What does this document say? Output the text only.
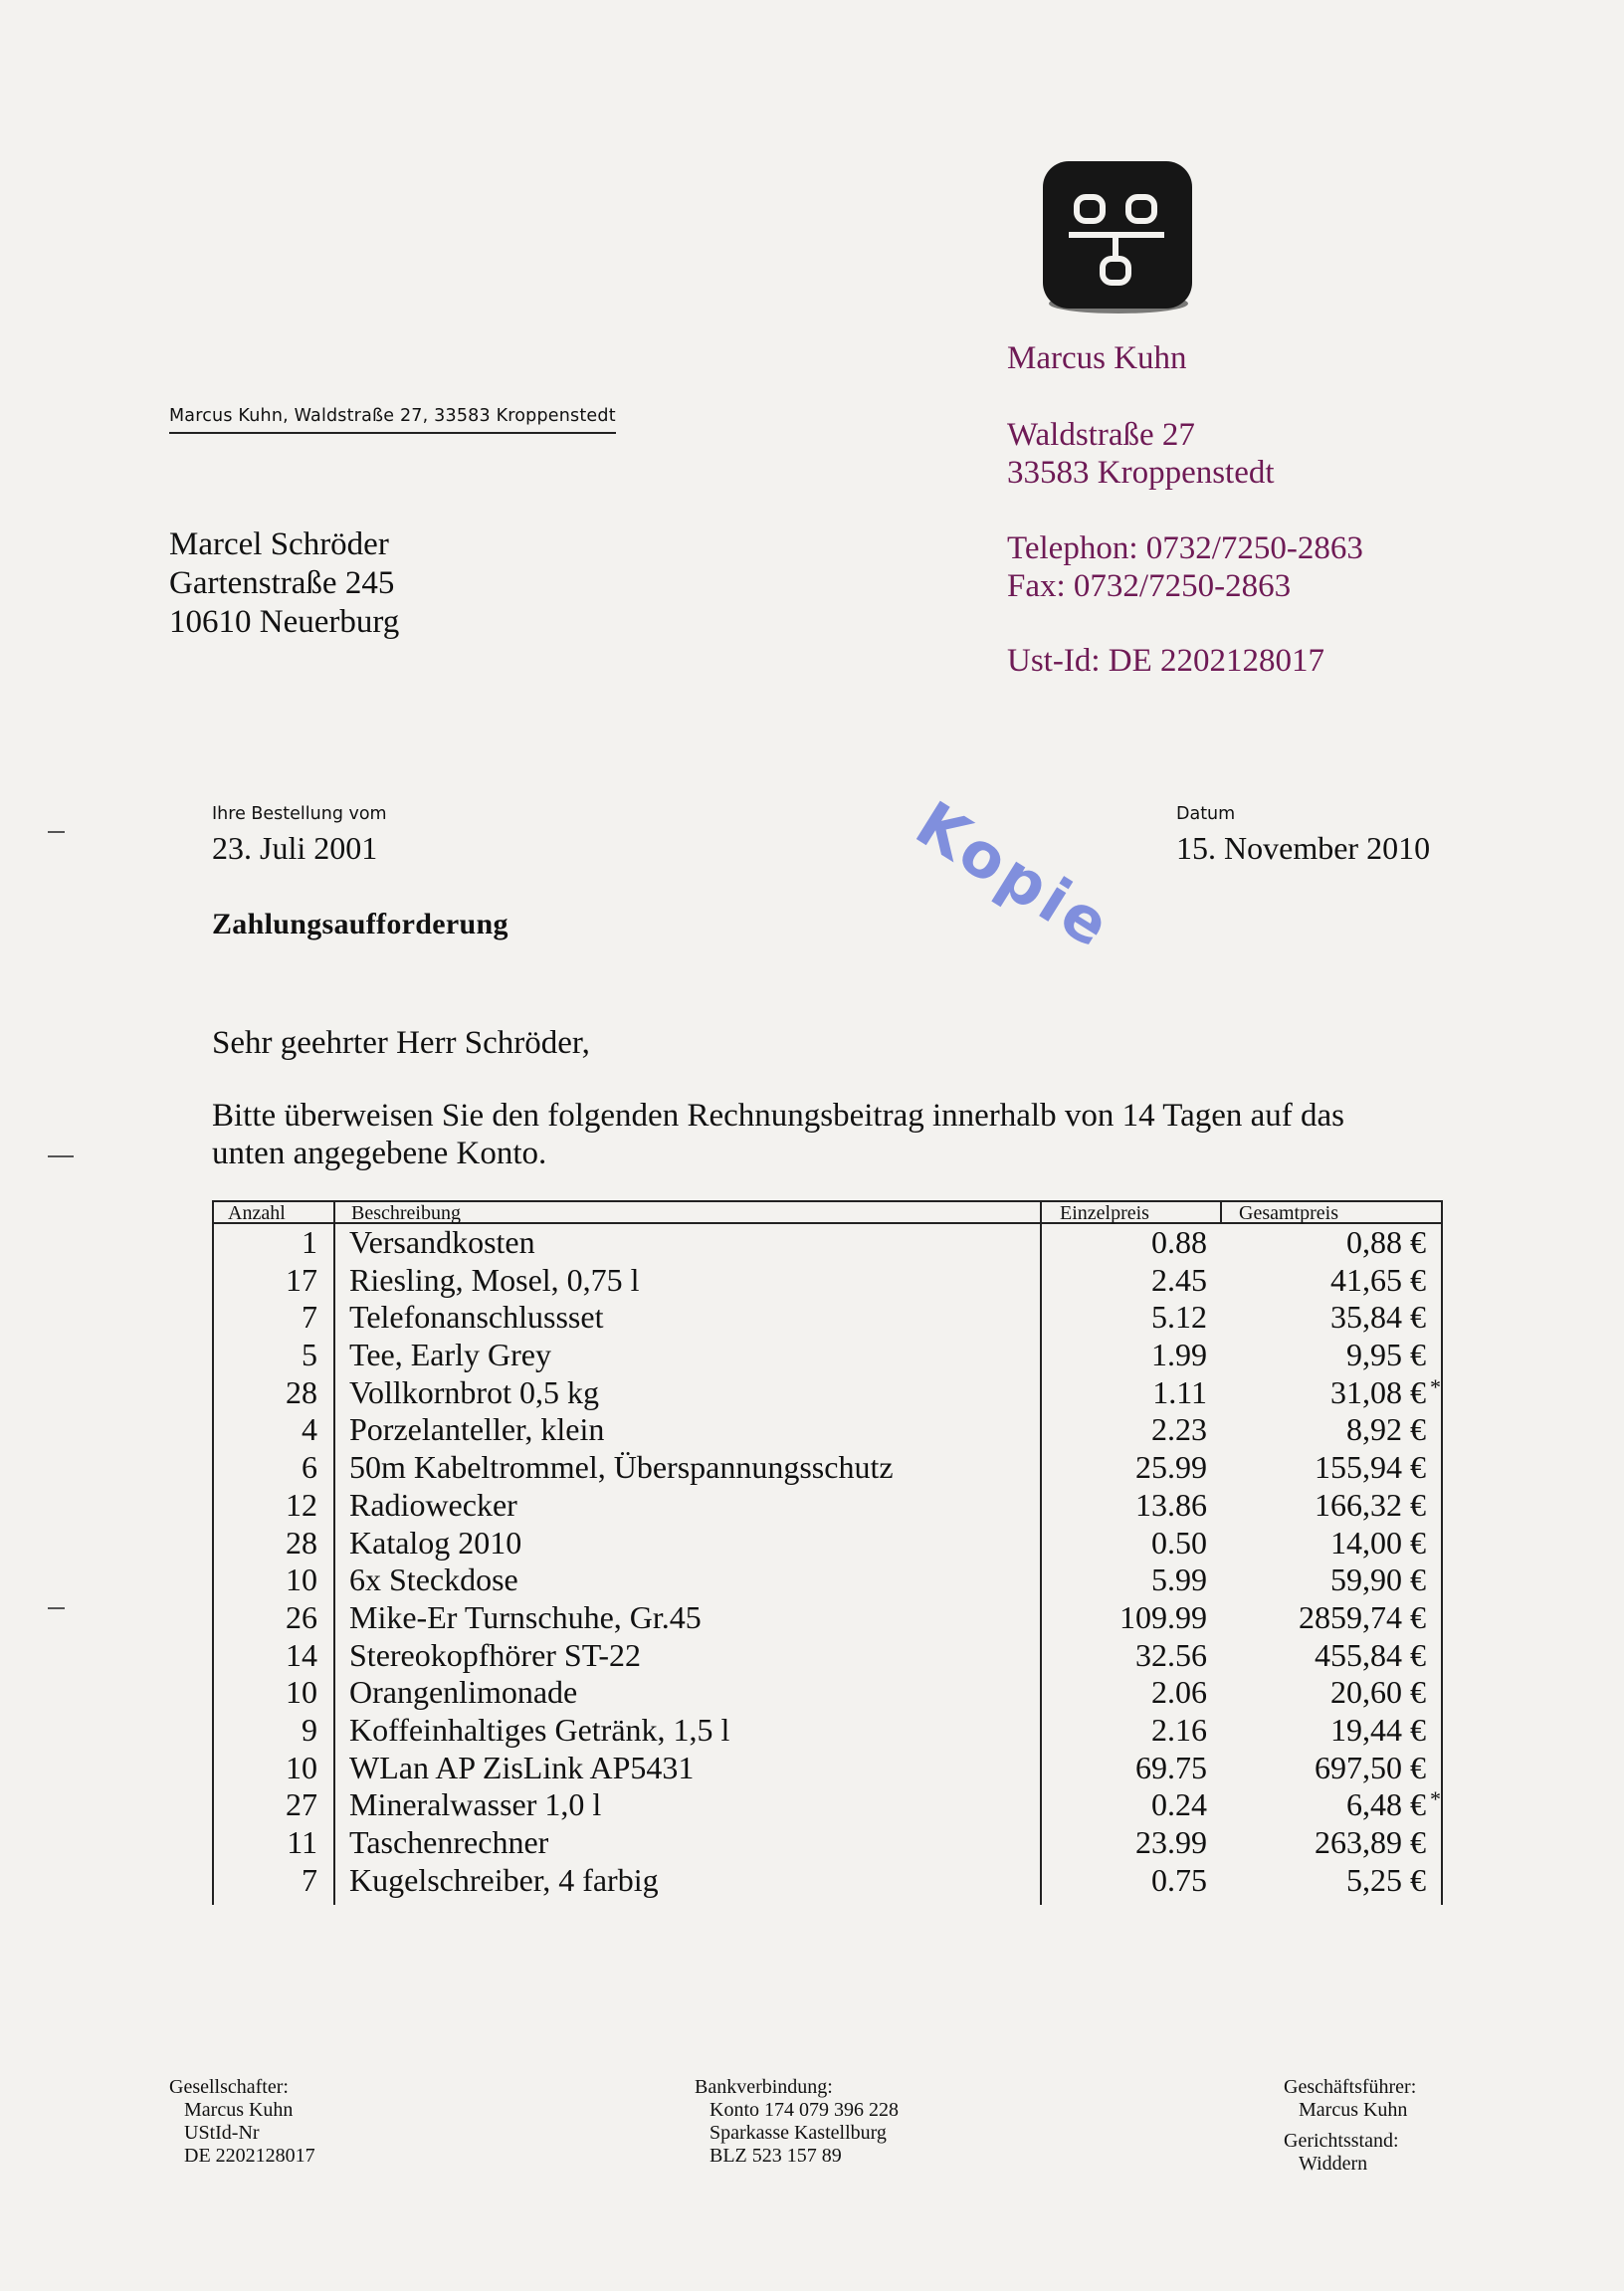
Marcus Kuhn
Waldstraße 27
33583 Kroppenstedt
Telephon: 0732/7250-2863
Fax: 0732/7250-2863
Ust-Id: DE 2202128017
Marcus Kuhn, Waldstraße 27, 33583 Kroppenstedt
Marcel Schröder
Gartenstraße 245
10610 Neuerburg
Ihre Bestellung vom
23. Juli 2001
Datum
15. November 2010
Kopie
Zahlungsaufforderung
Sehr geehrter Herr Schröder,
Bitte überweisen Sie den folgenden Rechnungsbeitrag innerhalb von 14 Tagen auf das
unten angegebene Konto.
Anzahl	Beschreibung	Einzelpreis	Gesamtpreis
1 Versandkosten	0.88	0,88 €
17 Riesling, Mosel, 0,75 l	2.45	41,65 €
7 Telefonanschlussset	5.12	35,84 €
5 Tee, Early Grey	1.99	9,95 €
28 Vollkornbrot 0,5 kg	1.11	31,08 € *
4 Porzelanteller, klein	2.23	8,92 €
6 50m Kabeltrommel, Überspannungsschutz	25.99	155,94 €
12 Radiowecker	13.86	166,32 €
28 Katalog 2010	0.50	14,00 €
10 6x Steckdose	5.99	59,90 €
26 Mike-Er Turnschuhe, Gr.45	109.99	2859,74 €
14 Stereokopfhörer ST-22	32.56	455,84 €
10 Orangenlimonade	2.06	20,60 €
9 Koffeinhaltiges Getränk, 1,5 l	2.16	19,44 €
10 WLan AP ZisLink AP5431	69.75	697,50 €
27 Mineralwasser 1,0 l	0.24	6,48 € *
11 Taschenrechner	23.99	263,89 €
7 Kugelschreiber, 4 farbig	0.75	5,25 €
Gesellschafter:
Marcus Kuhn
UStId-Nr
DE 2202128017
Bankverbindung:
Konto 174 079 396 228
Sparkasse Kastellburg
BLZ 523 157 89
Geschäftsführer:
Marcus Kuhn
Gerichtsstand:
Widdern
